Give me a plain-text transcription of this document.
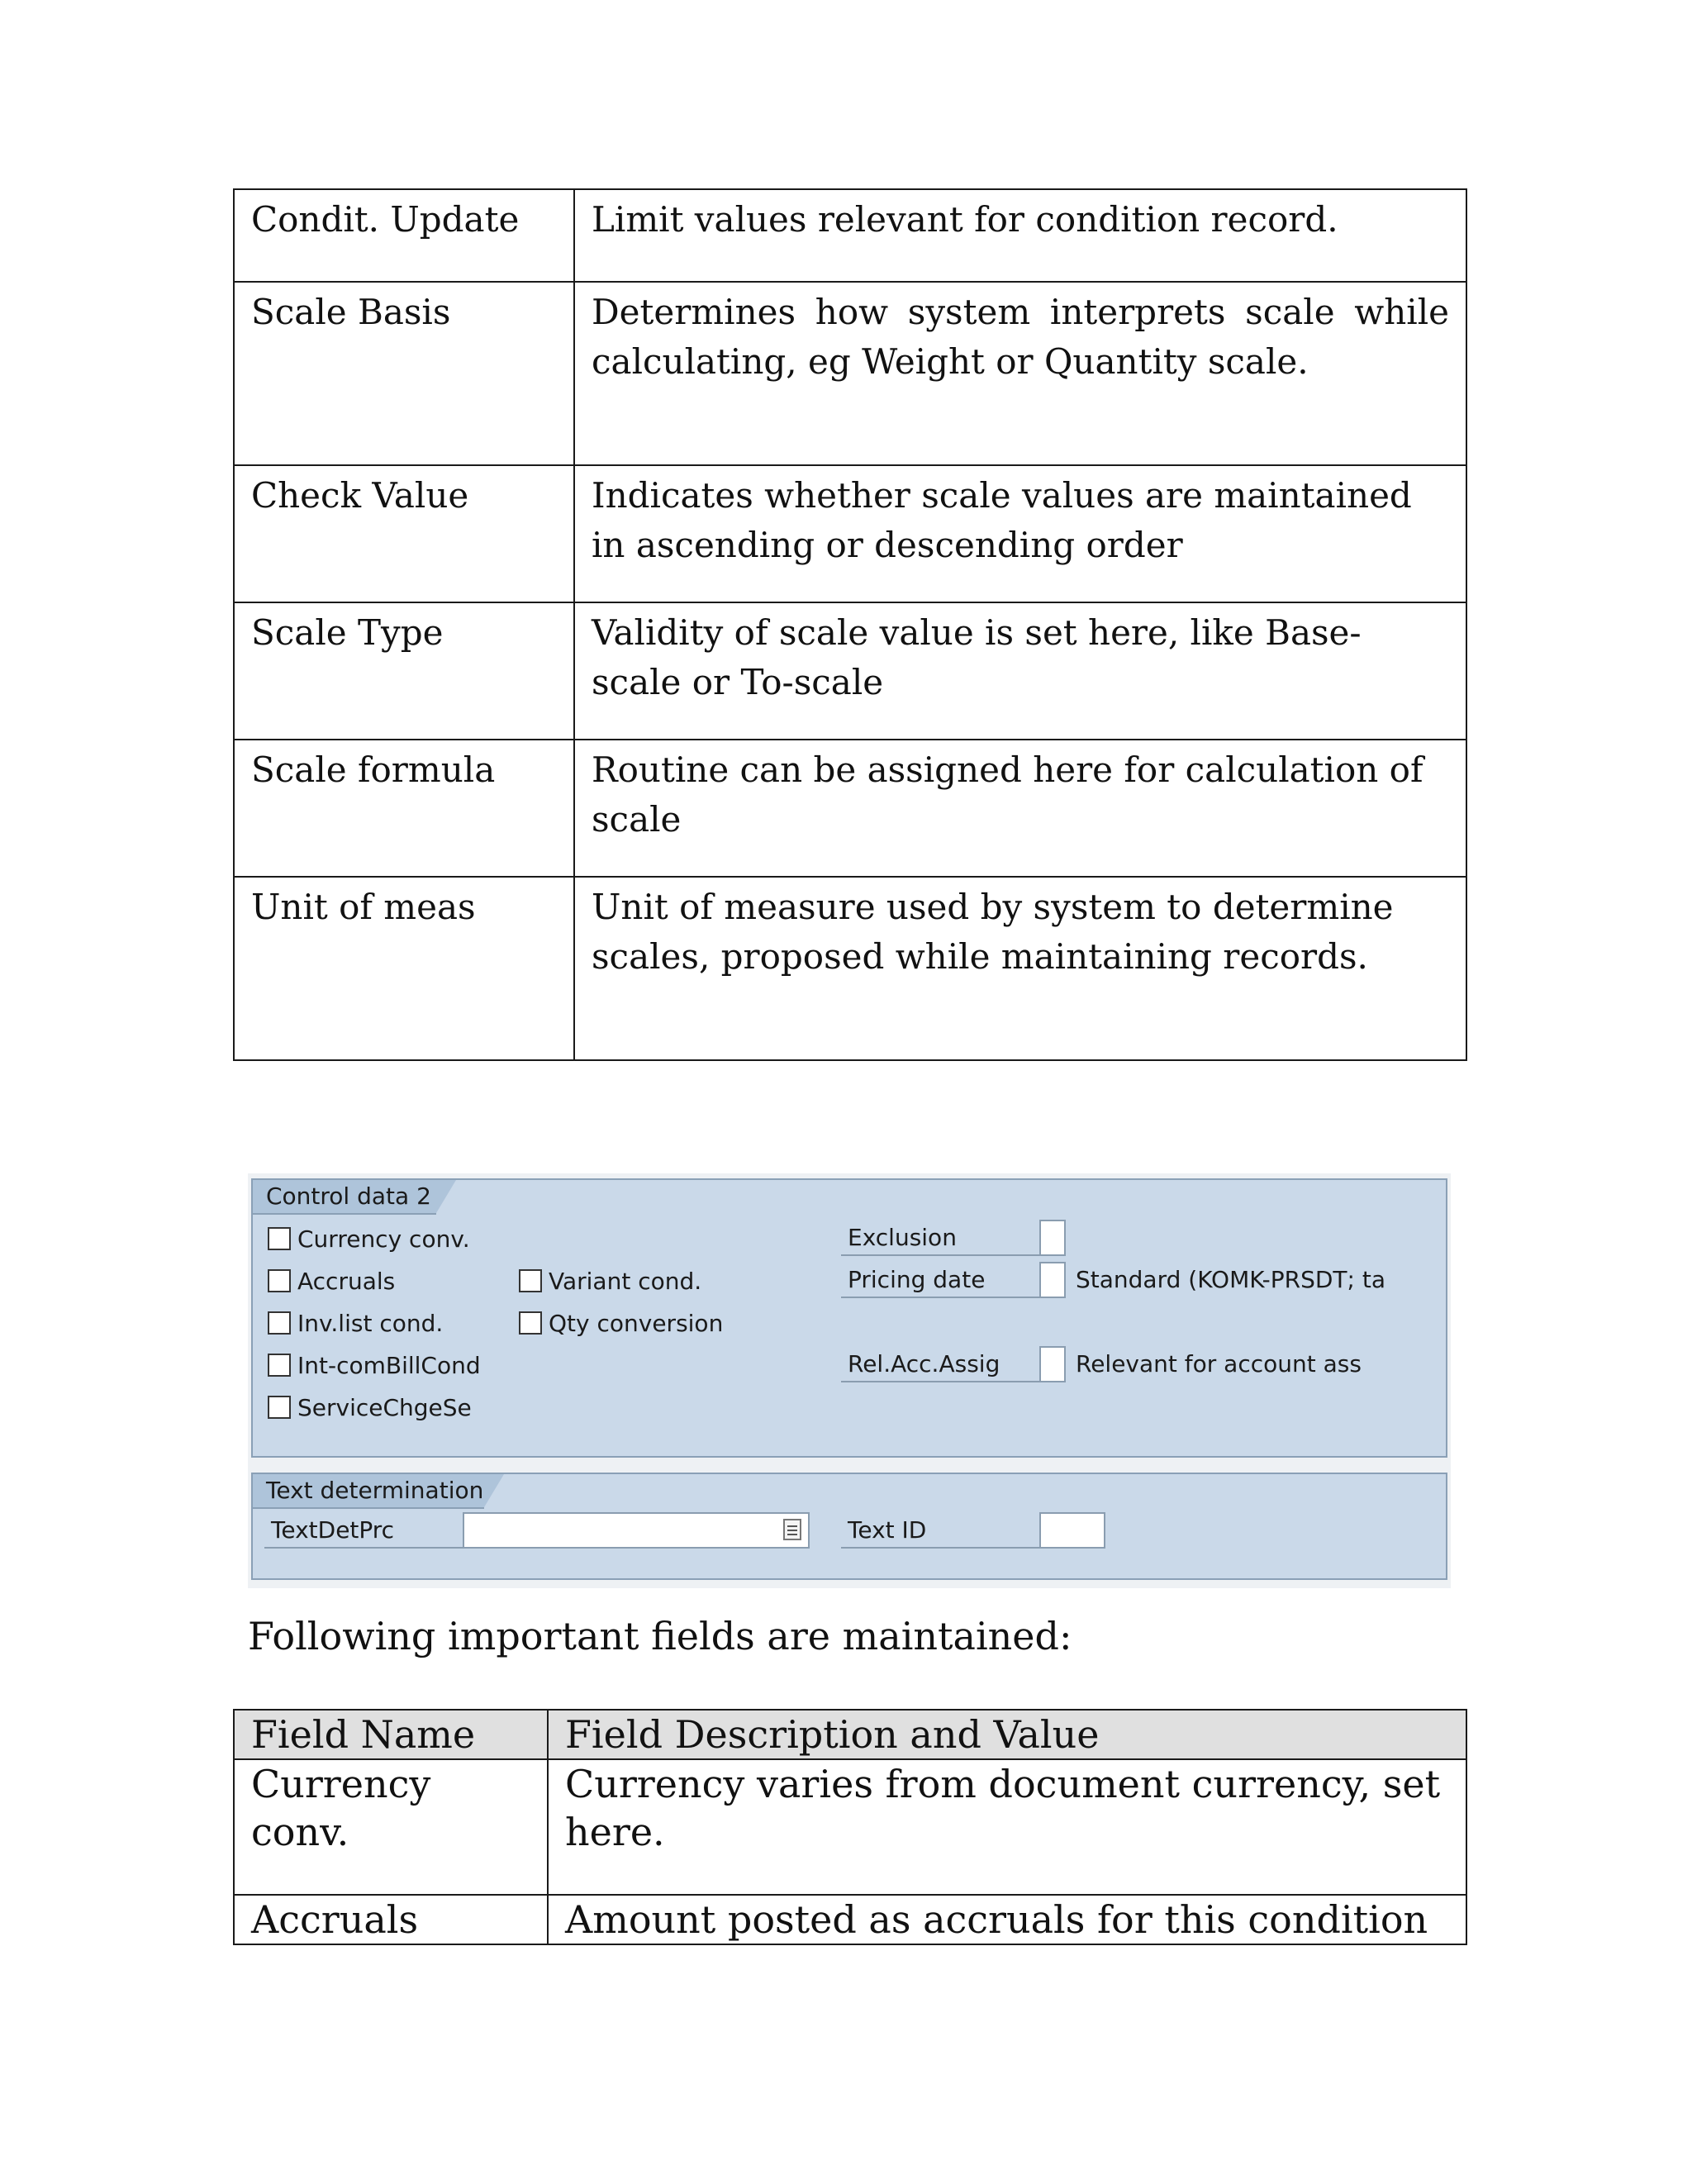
Condit. Update	Limit values relevant for condition record.
Scale Basis	Determines how system interprets scale while calculating, eg Weight or Quantity scale.
Check Value	Indicates whether scale values are maintained in ascending or descending order
Scale Type	Validity of scale value is set here, like Base-scale or To-scale
Scale formula	Routine can be assigned here for calculation of scale
Unit of meas	Unit of measure used by system to determine scales, proposed while maintaining records.
Control data 2
Currency conv.
Accruals
Inv.list cond.
Int-comBillCond
ServiceChgeSe
Variant cond.
Qty conversion
Exclusion
Pricing date	Standard (KOMK-PRSDT; ta
Rel.Acc.Assig	Relevant for account ass
Text determination
TextDetPrc	Text ID
Following important fields are maintained:
Field Name	Field Description and Value
Currency conv.	Currency varies from document currency, set here.
Accruals	Amount posted as accruals for this condition
